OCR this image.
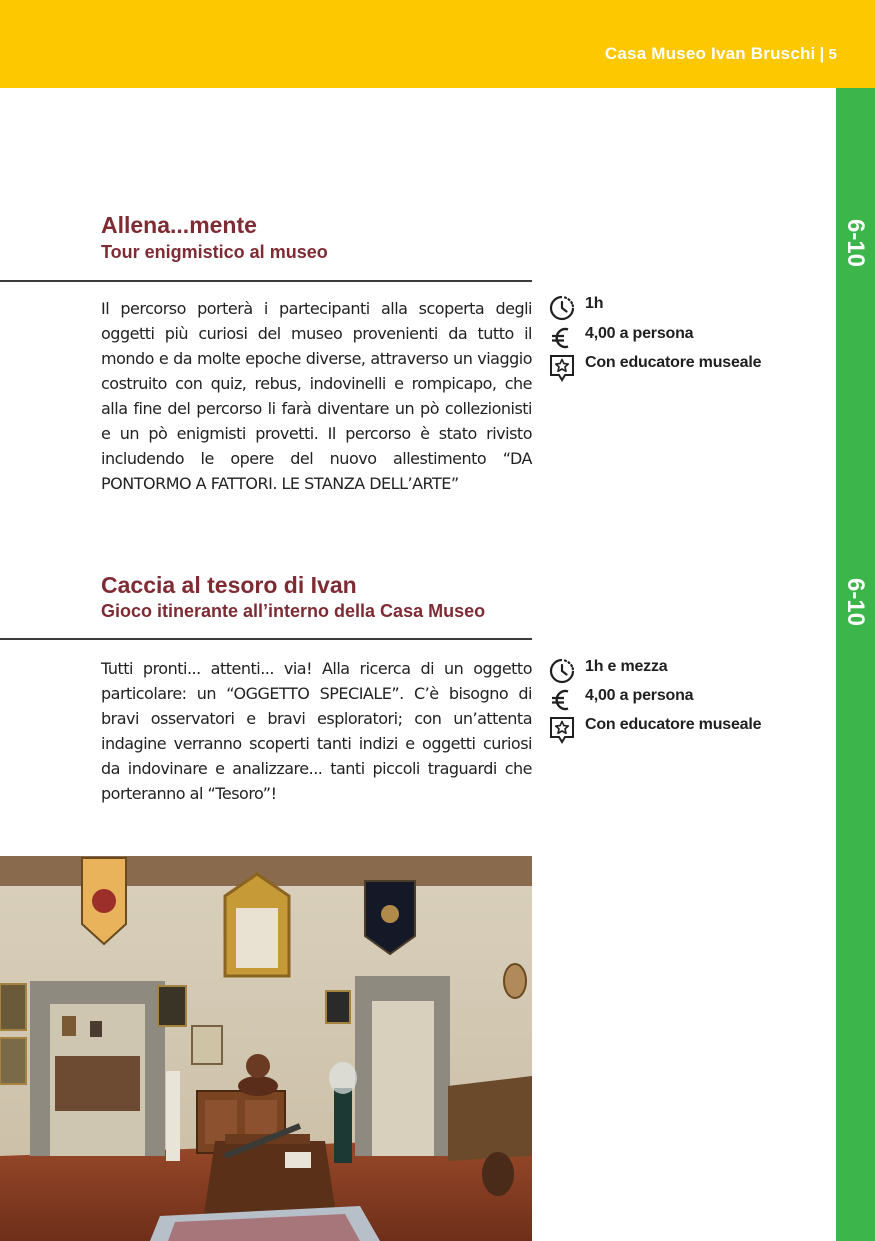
Casa Museo Ivan Bruschi | 5
6-10
6-10
Allena...mente
Tour enigmistico al museo

Il percorso porterà i partecipanti alla scoperta degli oggetti più curiosi del museo provenienti da tutto il mondo e da molte epoche diverse, attraverso un viaggio costruito con quiz, rebus, indovinelli e rompicapo, che alla fine del percorso li farà diventare un pò collezionisti e un pò enigmisti provetti. Il percorso è stato rivisto includendo le opere del nuovo allestimento “DA PONTORMO A FATTORI. LE STANZA DELL’ARTE”

1h
4,00 a persona
Con educatore museale
Caccia al tesoro di Ivan
Gioco itinerante all’interno della Casa Museo

Tutti pronti... attenti... via! Alla ricerca di un oggetto particolare: un “OGGETTO SPECIALE”. C’è bisogno di bravi osservatori e bravi esploratori; con un’attenta indagine verranno scoperti tanti indizi e oggetti curiosi da indovinare e analizzare... tanti piccoli traguardi che porteranno al “Tesoro”!

1h e mezza
4,00 a persona
Con educatore museale
